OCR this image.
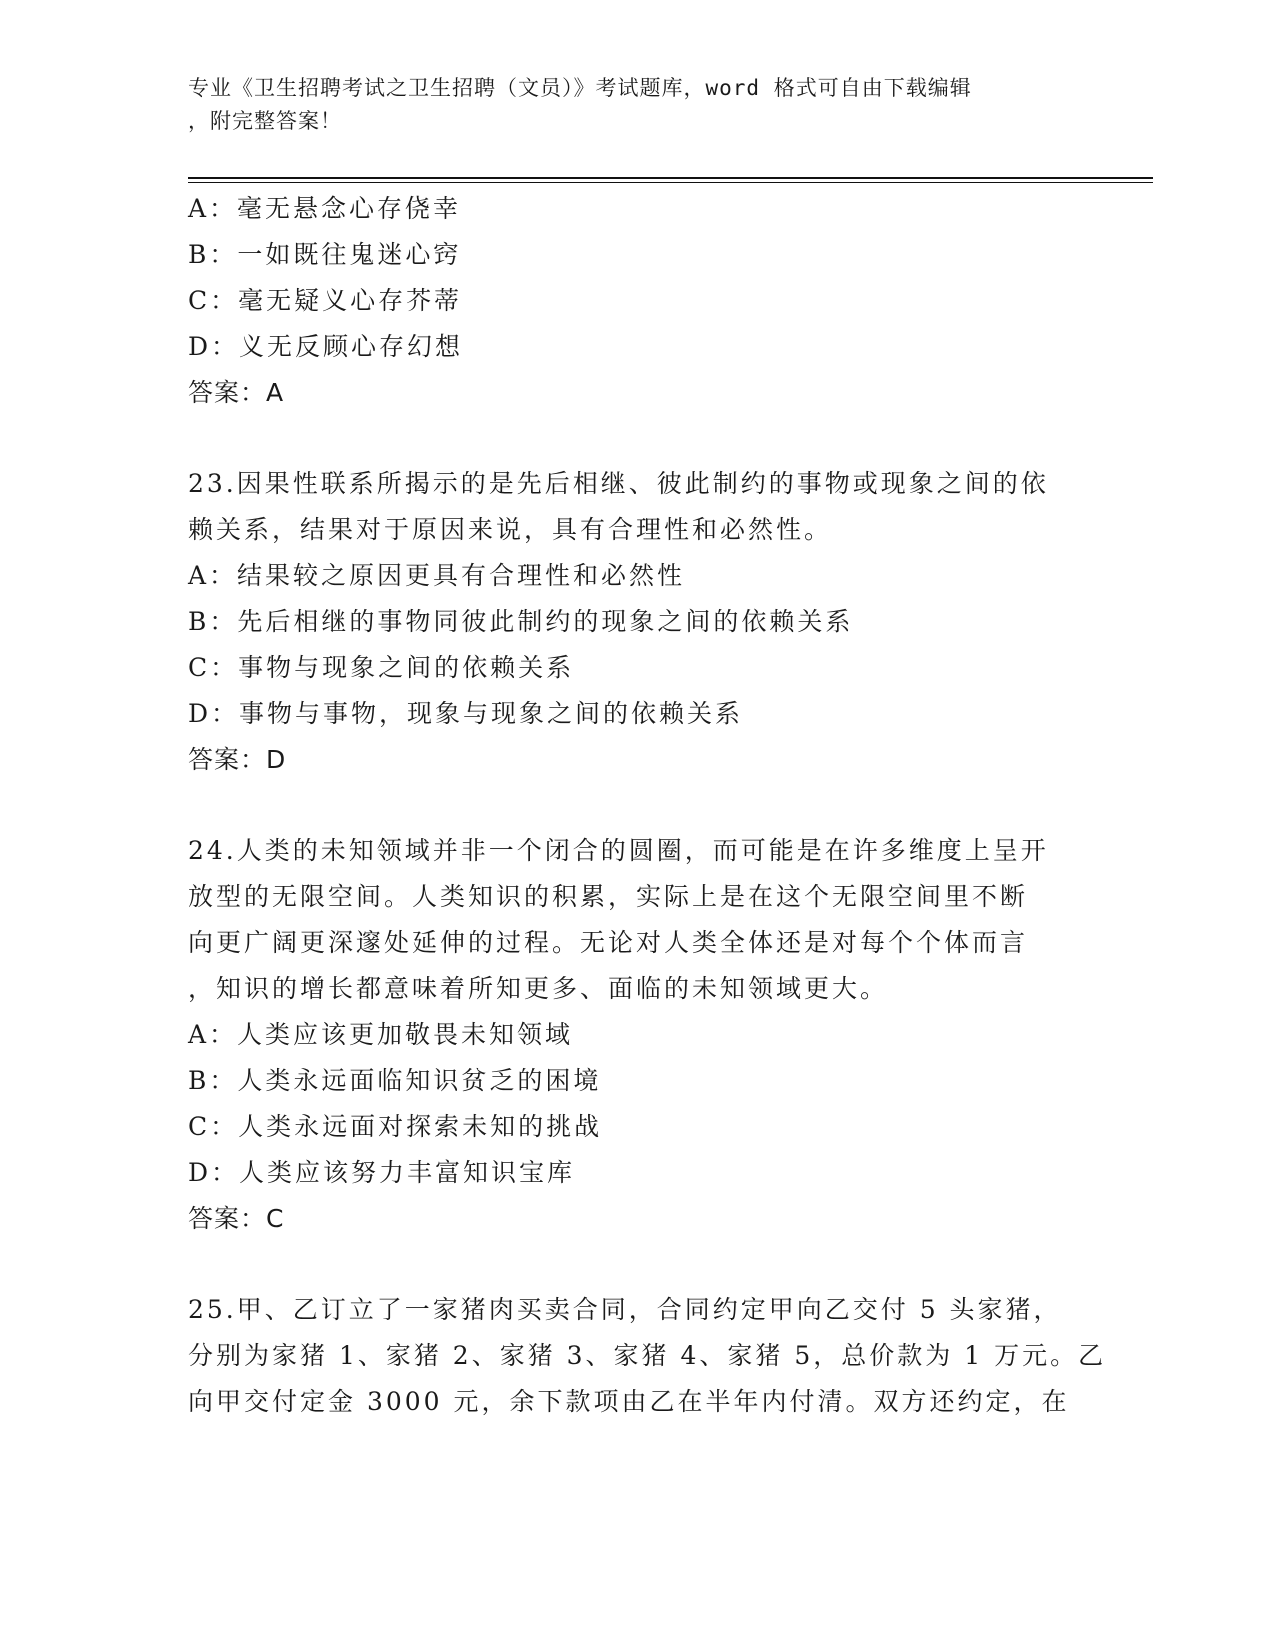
专业《卫生招聘考试之卫生招聘（文员）》考试题库，word 格式可自由下载编辑
，附完整答案！
A：毫无悬念心存侥幸
B：一如既往鬼迷心窍
C：毫无疑义心存芥蒂
D：义无反顾心存幻想
答案：A
23.因果性联系所揭示的是先后相继、彼此制约的事物或现象之间的依
赖关系，结果对于原因来说，具有合理性和必然性。
A：结果较之原因更具有合理性和必然性
B：先后相继的事物同彼此制约的现象之间的依赖关系
C：事物与现象之间的依赖关系
D：事物与事物，现象与现象之间的依赖关系
答案：D
24.人类的未知领域并非一个闭合的圆圈，而可能是在许多维度上呈开
放型的无限空间。人类知识的积累，实际上是在这个无限空间里不断
向更广阔更深邃处延伸的过程。无论对人类全体还是对每个个体而言
，知识的增长都意味着所知更多、面临的未知领域更大。
A：人类应该更加敬畏未知领域
B：人类永远面临知识贫乏的困境
C：人类永远面对探索未知的挑战
D：人类应该努力丰富知识宝库
答案：C
25.甲、乙订立了一家猪肉买卖合同，合同约定甲向乙交付 5 头家猪，
分别为家猪 1、家猪 2、家猪 3、家猪 4、家猪 5，总价款为 1 万元。乙
向甲交付定金 3000 元，余下款项由乙在半年内付清。双方还约定，在
